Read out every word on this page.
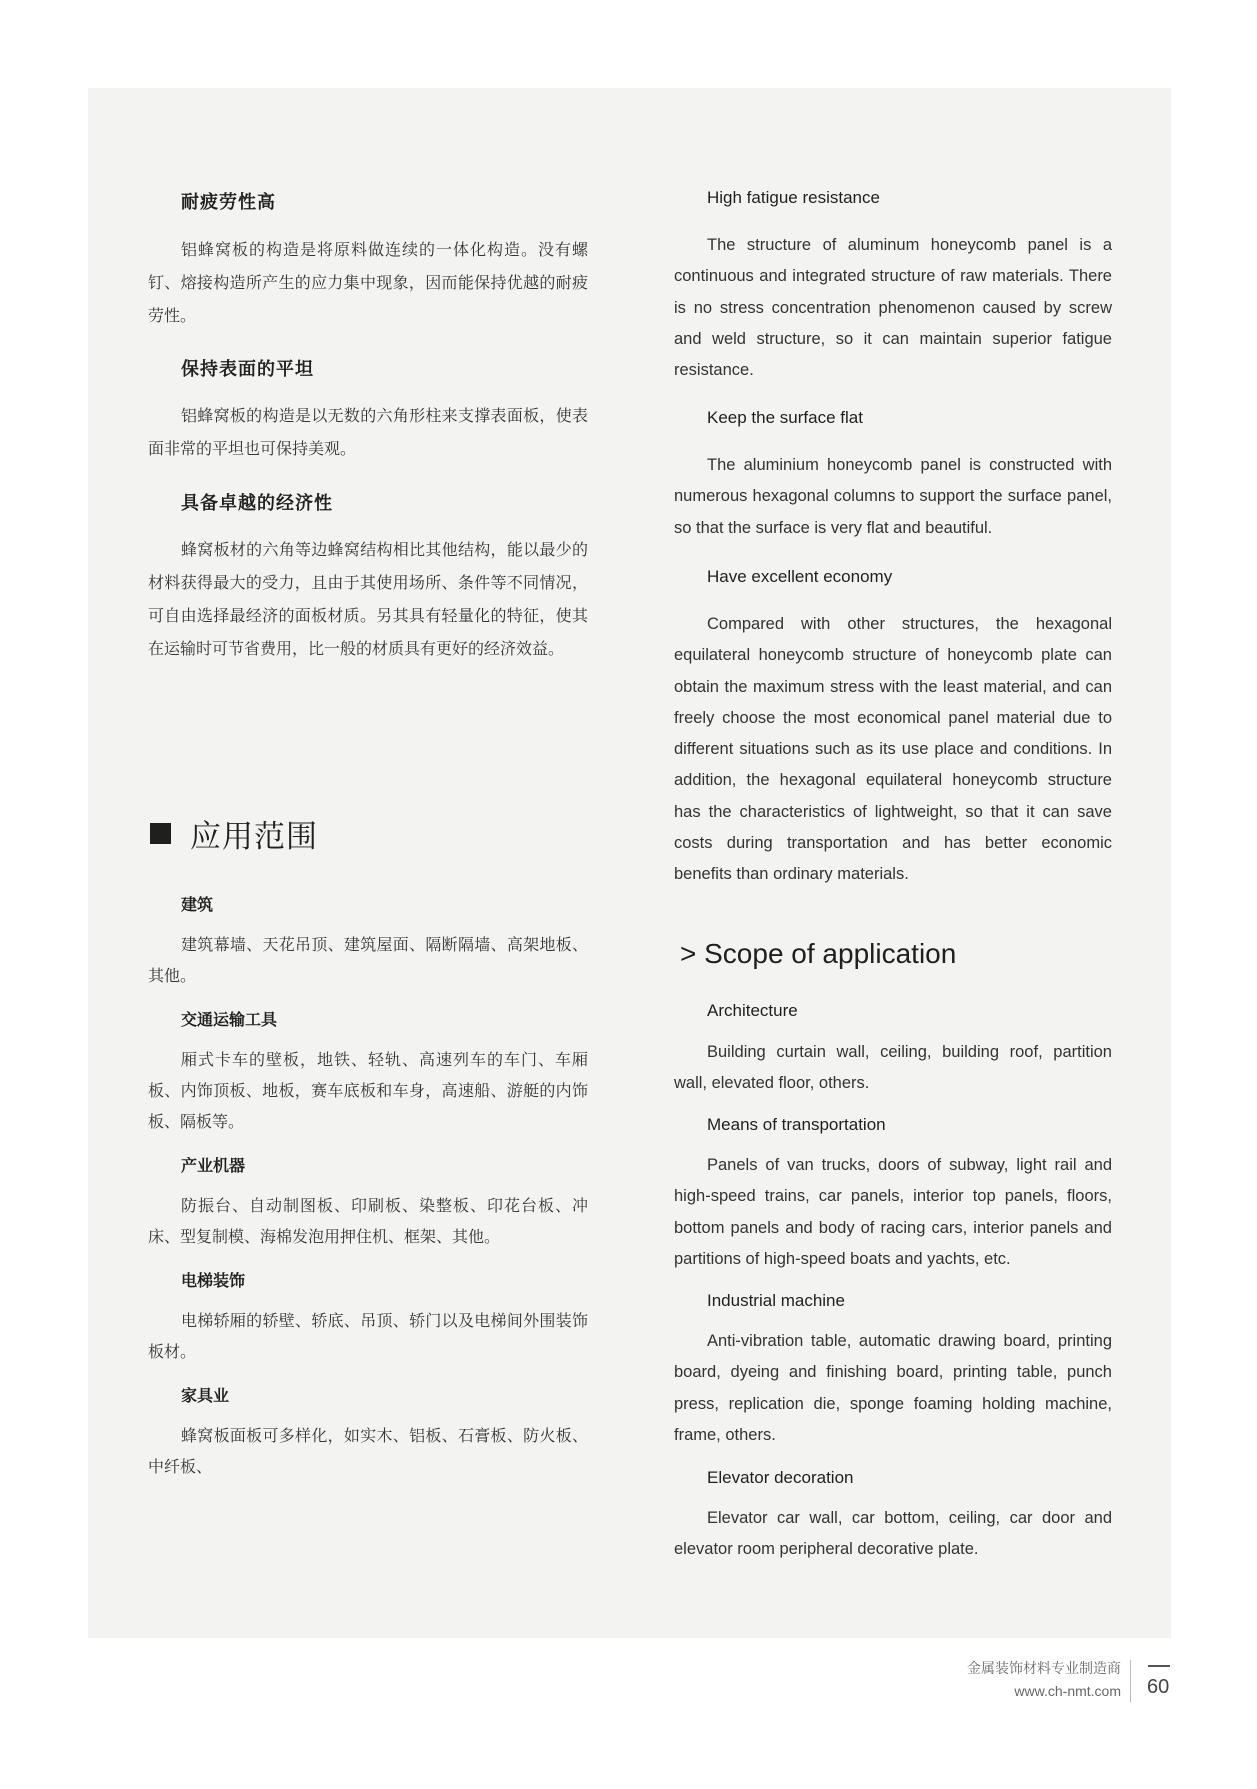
耐疲劳性高
铝蜂窝板的构造是将原料做连续的一体化构造。没有螺钉、熔接构造所产生的应力集中现象，因而能保持优越的耐疲劳性。
保持表面的平坦
铝蜂窝板的构造是以无数的六角形柱来支撑表面板，使表面非常的平坦也可保持美观。
具备卓越的经济性
蜂窝板材的六角等边蜂窝结构相比其他结构，能以最少的材料获得最大的受力，且由于其使用场所、条件等不同情况，可自由选择最经济的面板材质。另其具有轻量化的特征，使其在运输时可节省费用，比一般的材质具有更好的经济效益。
应用范围
建筑
建筑幕墙、天花吊顶、建筑屋面、隔断隔墙、高架地板、其他。
交通运输工具
厢式卡车的壁板，地铁、轻轨、高速列车的车门、车厢板、内饰顶板、地板，赛车底板和车身，高速船、游艇的内饰板、隔板等。
产业机器
防振台、自动制图板、印刷板、染整板、印花台板、冲床、型复制模、海棉发泡用押住机、框架、其他。
电梯装饰
电梯轿厢的轿壁、轿底、吊顶、轿门以及电梯间外围装饰板材。
家具业
蜂窝板面板可多样化，如实木、铝板、石膏板、防火板、中纤板、
High fatigue resistance
The structure of aluminum honeycomb panel is a continuous and integrated structure of raw materials. There is no stress concentration phenomenon caused by screw and weld structure, so it can maintain superior fatigue resistance.
Keep the surface flat
The aluminium honeycomb panel is constructed with numerous hexagonal columns to support the surface panel, so that the surface is very flat and beautiful.
Have excellent economy
Compared with other structures, the hexagonal equilateral honeycomb structure of honeycomb plate can obtain the maximum stress with the least material, and can freely choose the most economical panel material due to different situations such as its use place and conditions. In addition, the hexagonal equilateral honeycomb structure has the characteristics of lightweight, so that it can save costs during transportation and has better economic benefits than ordinary materials.
> Scope of application
Architecture
Building curtain wall, ceiling, building roof, partition wall, elevated floor, others.
Means of transportation
Panels of van trucks, doors of subway, light rail and high-speed trains, car panels, interior top panels, floors, bottom panels and body of racing cars, interior panels and partitions of high-speed boats and yachts, etc.
Industrial machine
Anti-vibration table, automatic drawing board, printing board, dyeing and finishing board, printing table, punch press, replication die, sponge foaming holding machine, frame, others.
Elevator decoration
Elevator car wall, car bottom, ceiling, car door and elevator room peripheral decorative plate.
金属装饰材料专业制造商
www.ch-nmt.com 60
